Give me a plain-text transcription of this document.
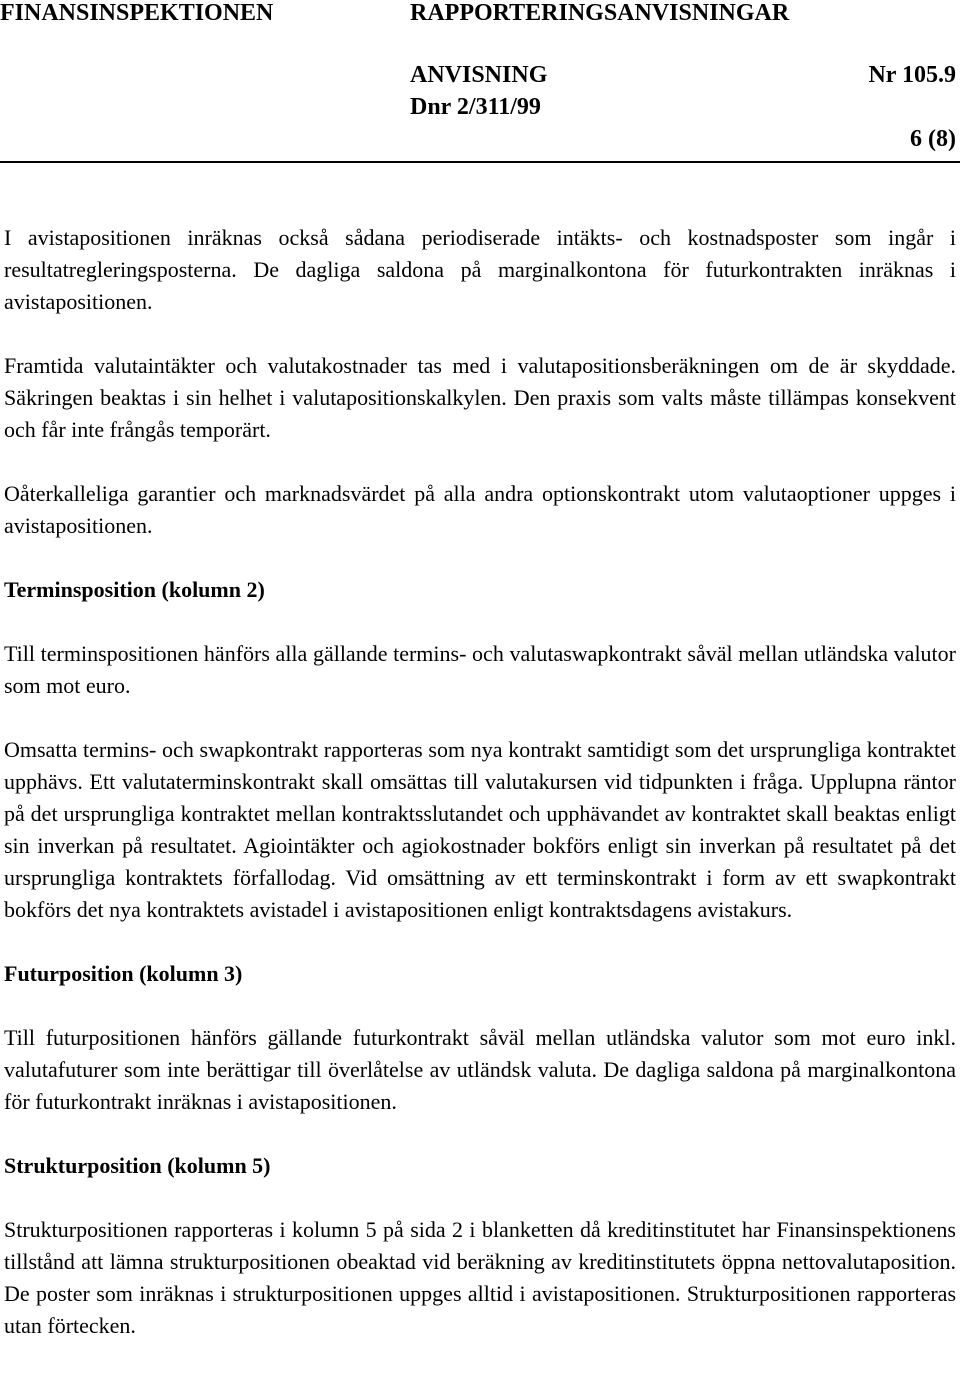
FINANSINSPEKTIONEN	RAPPORTERINGSANVISNINGAR
ANVISNING	Nr 105.9
Dnr 2/311/99
6 (8)

I avistapositionen inräknas också sådana periodiserade intäkts- och kostnadsposter som ingår i resultatregleringsposterna. De dagliga saldona på marginalkontona för futurkontrakten inräknas i avistapositionen.

Framtida valutaintäkter och valutakostnader tas med i valutapositionsberäkningen om de är skyddade. Säkringen beaktas i sin helhet i valutapositionskalkylen. Den praxis som valts måste tillämpas konsekvent och får inte frångås temporärt.

Oåterkalleliga garantier och marknadsvärdet på alla andra optionskontrakt utom valutaoptioner uppges i avistapositionen.

Terminsposition (kolumn 2)

Till terminspositionen hänförs alla gällande termins- och valutaswapkontrakt såväl mellan utländska valutor som mot euro.

Omsatta termins- och swapkontrakt rapporteras som nya kontrakt samtidigt som det ursprungliga kontraktet upphävs. Ett valutaterminskontrakt skall omsättas till valutakursen vid tidpunkten i fråga. Upplupna räntor på det ursprungliga kontraktet mellan kontraktsslutandet och upphävandet av kontraktet skall beaktas enligt sin inverkan på resultatet. Agiointäkter och agiokostnader bokförs enligt sin inverkan på resultatet på det ursprungliga kontraktets förfallodag. Vid omsättning av ett terminskontrakt i form av ett swapkontrakt bokförs det nya kontraktets avistadel i avistapositionen enligt kontraktsdagens avistakurs.

Futurposition (kolumn 3)

Till futurpositionen hänförs gällande futurkontrakt såväl mellan utländska valutor som mot euro inkl. valutafuturer som inte berättigar till överlåtelse av utländsk valuta. De dagliga saldona på marginalkontona för futurkontrakt inräknas i avistapositionen.

Strukturposition (kolumn 5)

Strukturpositionen rapporteras i kolumn 5 på sida 2 i blanketten då kreditinstitutet har Finansinspektionens tillstånd att lämna strukturpositionen obeaktad vid beräkning av kreditinstitutets öppna nettovalutaposition. De poster som inräknas i strukturpositionen uppges alltid i avistapositionen. Strukturpositionen rapporteras utan förtecken.
